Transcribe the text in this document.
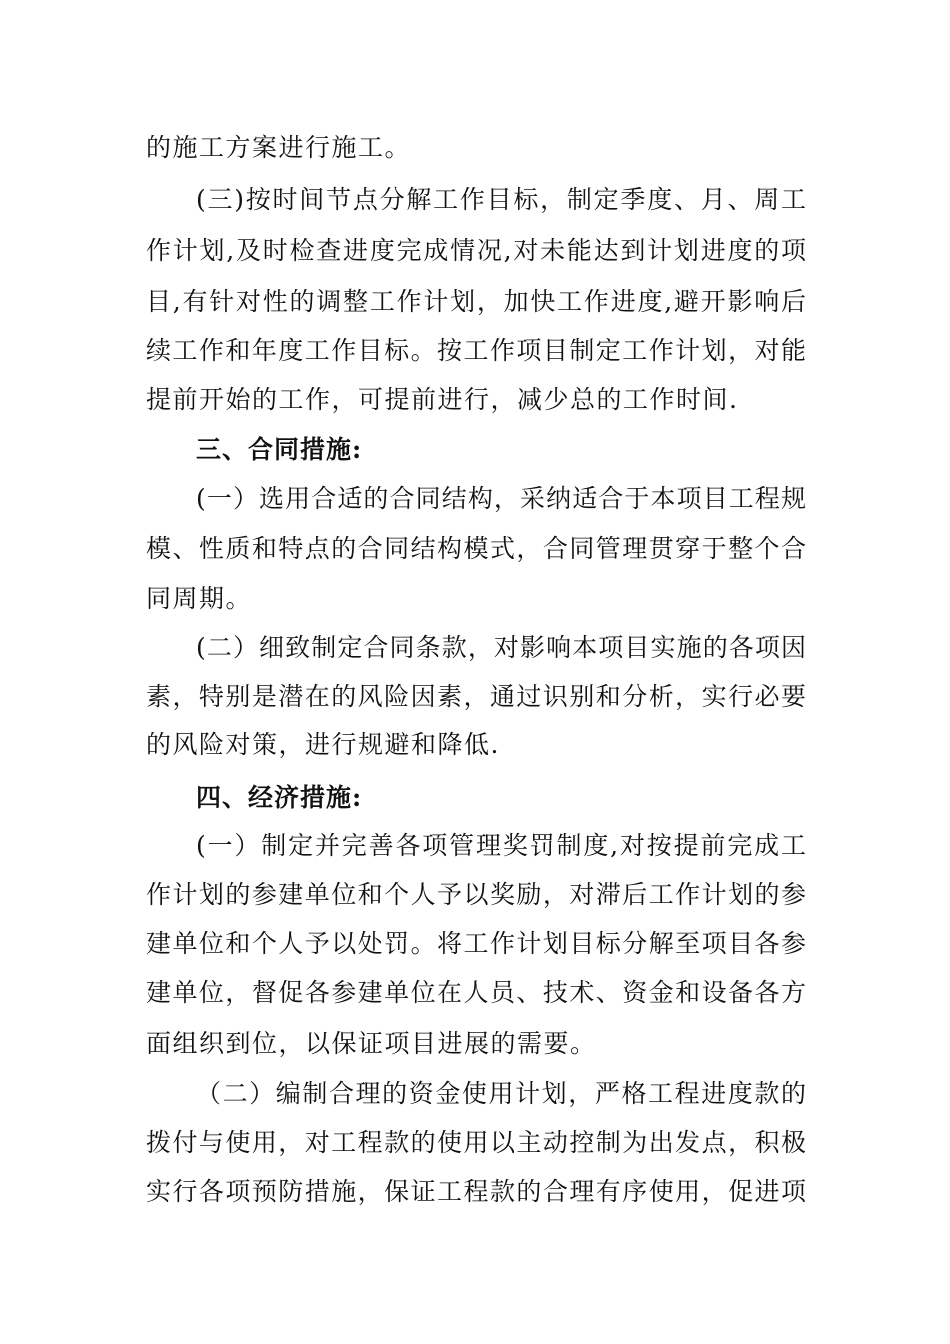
的施工方案进行施工。
(三)按时间节点分解工作目标，制定季度、月、周工
作计划,及时检查进度完成情况,对未能达到计划进度的项
目,有针对性的调整工作计划，加快工作进度,避开影响后
续工作和年度工作目标。按工作项目制定工作计划，对能
提前开始的工作，可提前进行，减少总的工作时间.
三、合同措施:
(一）选用合适的合同结构，采纳适合于本项目工程规
模、性质和特点的合同结构模式，合同管理贯穿于整个合
同周期。
(二）细致制定合同条款，对影响本项目实施的各项因
素，特别是潜在的风险因素，通过识别和分析，实行必要
的风险对策，进行规避和降低.
四、经济措施:
(一）制定并完善各项管理奖罚制度,对按提前完成工
作计划的参建单位和个人予以奖励，对滞后工作计划的参
建单位和个人予以处罚。将工作计划目标分解至项目各参
建单位，督促各参建单位在人员、技术、资金和设备各方
面组织到位，以保证项目进展的需要。
（二）编制合理的资金使用计划，严格工程进度款的
拨付与使用，对工程款的使用以主动控制为出发点，积极
实行各项预防措施，保证工程款的合理有序使用，促进项
